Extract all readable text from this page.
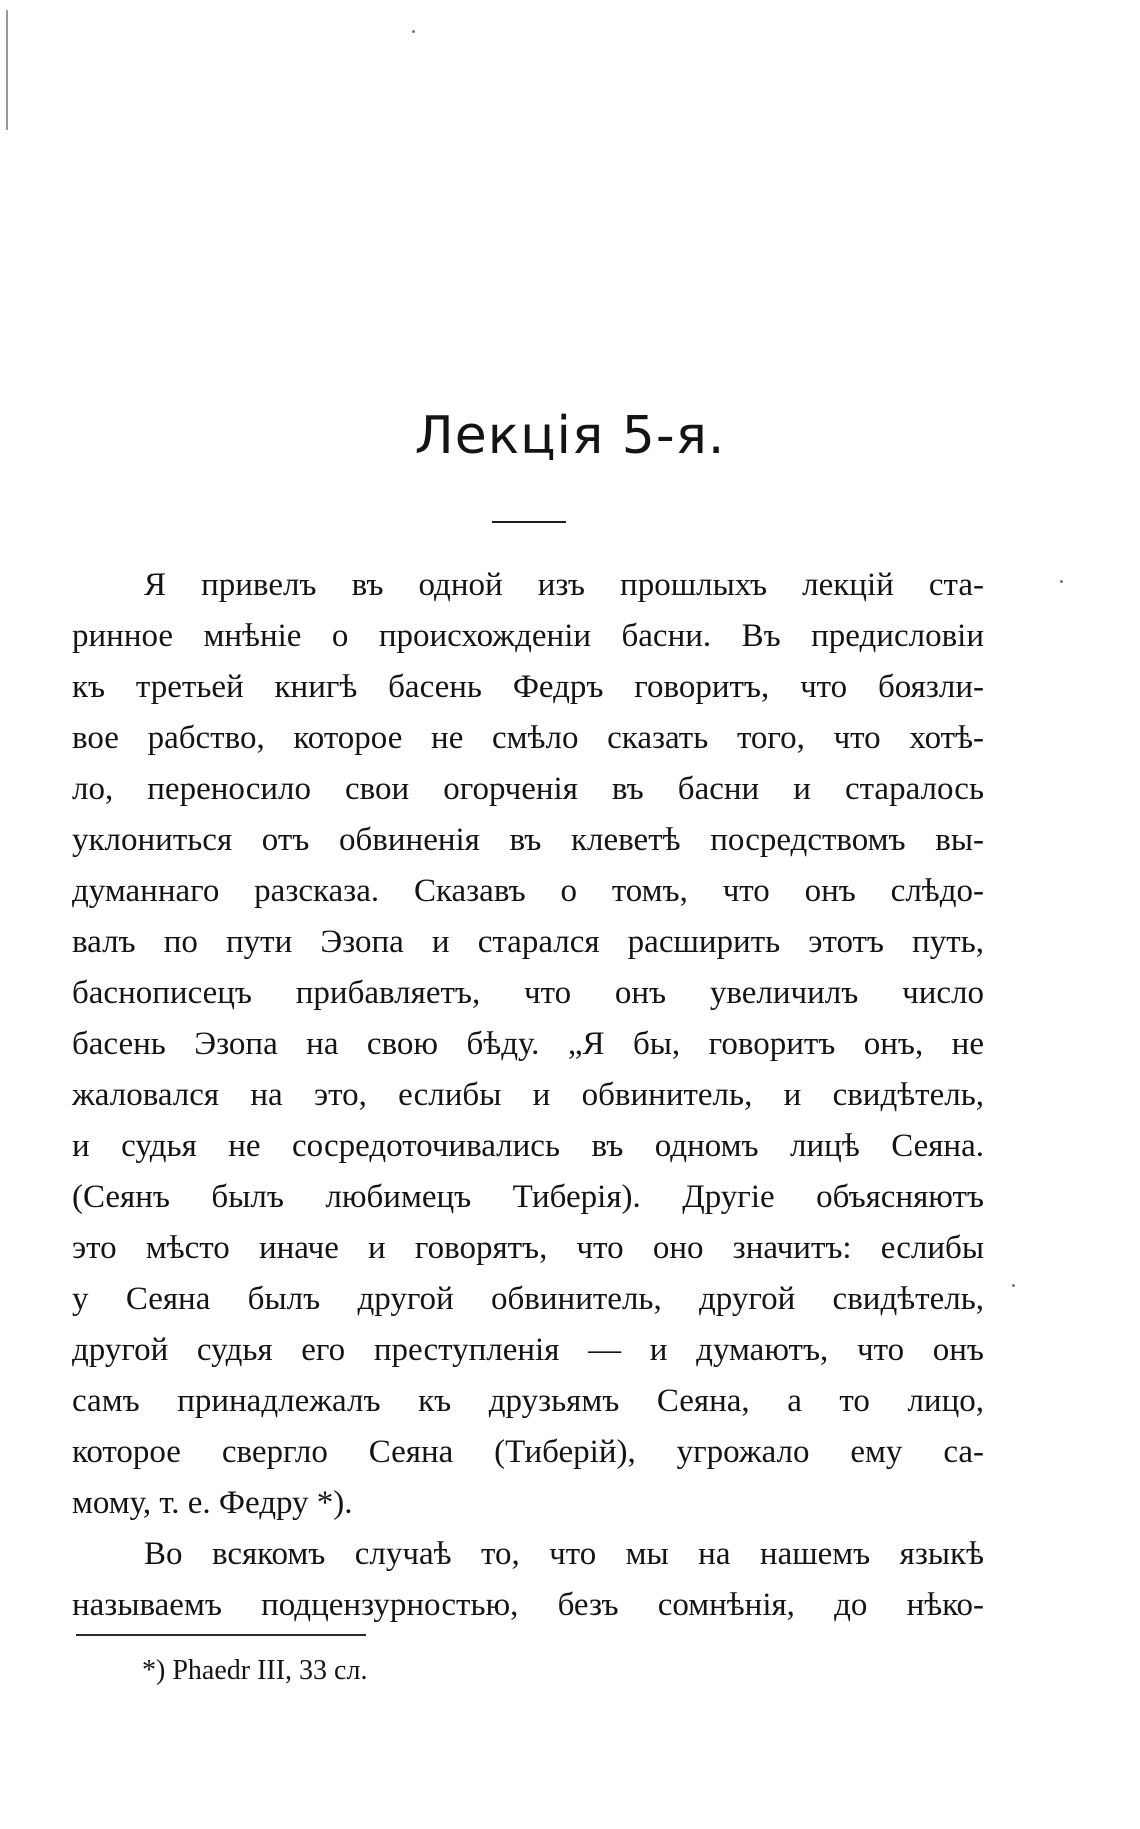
Лекція 5-я.
Я привелъ въ одной изъ прошлыхъ лекцій ста-
ринное мнѣніе о происхожденіи басни. Въ предисловіи
къ третьей книгѣ басень Федръ говоритъ, что боязли-
вое рабство, которое не смѣло сказать того, что хотѣ-
ло, переносило свои огорченія въ басни и старалось
уклониться отъ обвиненія въ клеветѣ посредствомъ вы-
думаннаго разсказа. Сказавъ о томъ, что онъ слѣдо-
валъ по пути Эзопа и старался расширить этотъ путь,
баснописецъ прибавляетъ, что онъ увеличилъ число
басень Эзопа на свою бѣду. „Я бы, говоритъ онъ, не
жаловался на это, еслибы и обвинитель, и свидѣтель,
и судья не сосредоточивались въ одномъ лицѣ Сеяна.
(Сеянъ былъ любимецъ Тиберія). Другіе объясняютъ
это мѣсто иначе и говорятъ, что оно значитъ: еслибы
у Сеяна былъ другой обвинитель, другой свидѣтель,
другой судья его преступленія — и думаютъ, что онъ
самъ принадлежалъ къ друзьямъ Сеяна, а то лицо,
которое свергло Сеяна (Тиберій), угрожало ему са-
мому, т. е. Федру *).
Во всякомъ случаѣ то, что мы на нашемъ языкѣ
называемъ подцензурностью, безъ сомнѣнія, до нѣко-
*) Phaedr III, 33 сл.
